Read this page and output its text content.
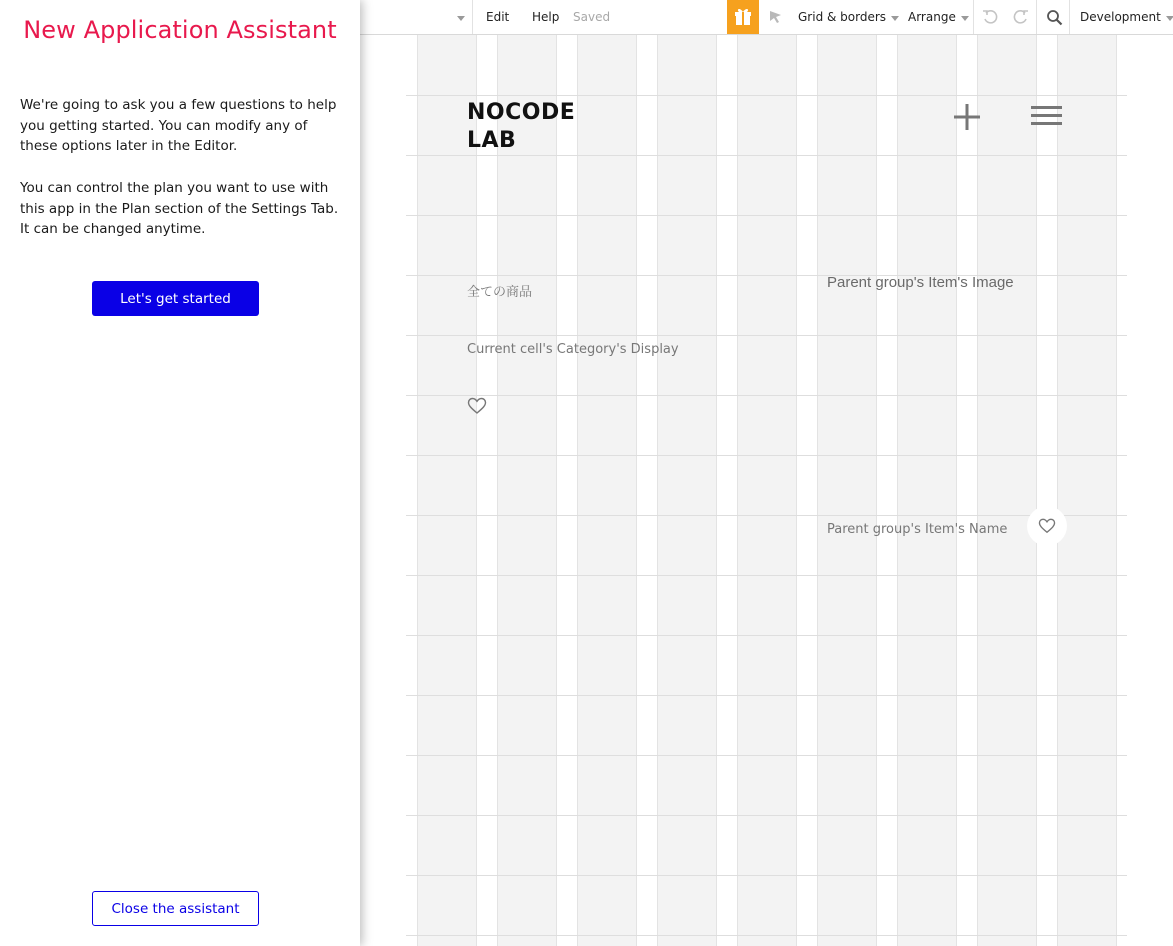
New Application Assistant

We're going to ask you a few questions to help you getting started. You can modify any of these options later in the Editor.

You can control the plan you want to use with this app in the Plan section of the Settings Tab. It can be changed anytime.

Let's get started
Close the assistant
Edit Help Saved	Grid & borders Arrange	Development
NOCODE
LAB
全ての商品
Current cell's Category's Display
Parent group's Item's Image
Parent group's Item's Name
